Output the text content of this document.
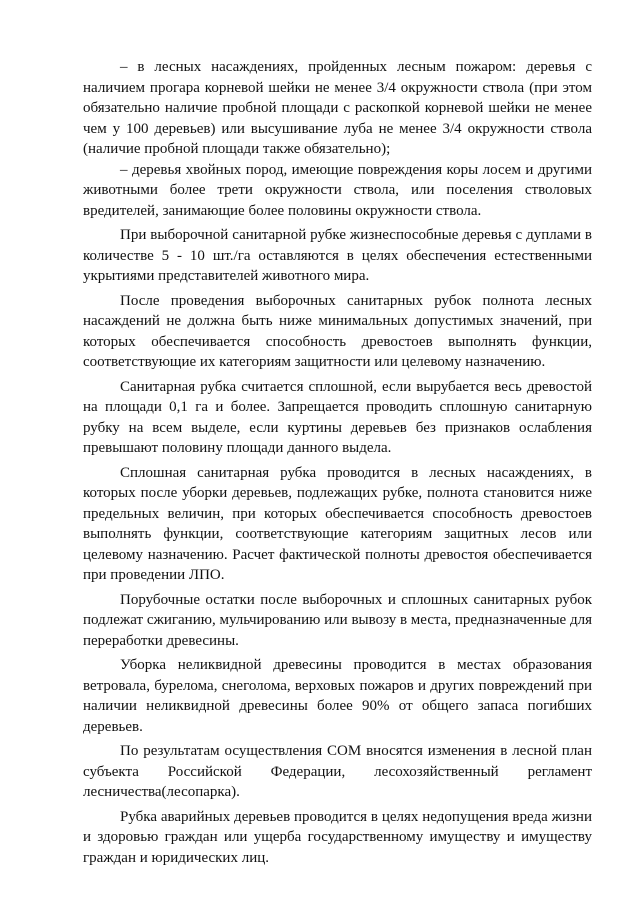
– в лесных насаждениях, пройденных лесным пожаром: деревья с наличием прогара корневой шейки не менее 3/4 окружности ствола (при этом обязательно наличие пробной площади с раскопкой корневой шейки не менее чем у 100 деревьев) или высушивание луба не менее 3/4 окружности ствола (наличие пробной площади также обязательно);

– деревья хвойных пород, имеющие повреждения коры лосем и другими животными более трети окружности ствола, или поселения стволовых вредителей, занимающие более половины окружности ствола.

При выборочной санитарной рубке жизнеспособные деревья с дуплами в количестве 5 - 10 шт./га оставляются в целях обеспечения естественными укрытиями представителей животного мира.

После проведения выборочных санитарных рубок полнота лесных насаждений не должна быть ниже минимальных допустимых значений, при которых обеспечивается способность древостоев выполнять функции, соответствующие их категориям защитности или целевому назначению.

Санитарная рубка считается сплошной, если вырубается весь древостой на площади 0,1 га и более. Запрещается проводить сплошную санитарную рубку на всем выделе, если куртины деревьев без признаков ослабления превышают половину площади данного выдела.

Сплошная санитарная рубка проводится в лесных насаждениях, в которых после уборки деревьев, подлежащих рубке, полнота становится ниже предельных величин, при которых обеспечивается способность древостоев выполнять функции, соответствующие категориям защитных лесов или целевому назначению. Расчет фактической полноты древостоя обеспечивается при проведении ЛПО.

Порубочные остатки после выборочных и сплошных санитарных рубок подлежат сжиганию, мульчированию или вывозу в места, предназначенные для переработки древесины.

Уборка неликвидной древесины проводится в местах образования ветровала, бурелома, снеголома, верховых пожаров и других повреждений при наличии неликвидной древесины более 90% от общего запаса погибших деревьев.

По результатам осуществления СОМ вносятся изменения в лесной план субъекта Российской Федерации, лесохозяйственный регламент лесничества(лесопарка).

Рубка аварийных деревьев проводится в целях недопущения вреда жизни и здоровью граждан или ущерба государственному имуществу и имуществу граждан и юридических лиц.
